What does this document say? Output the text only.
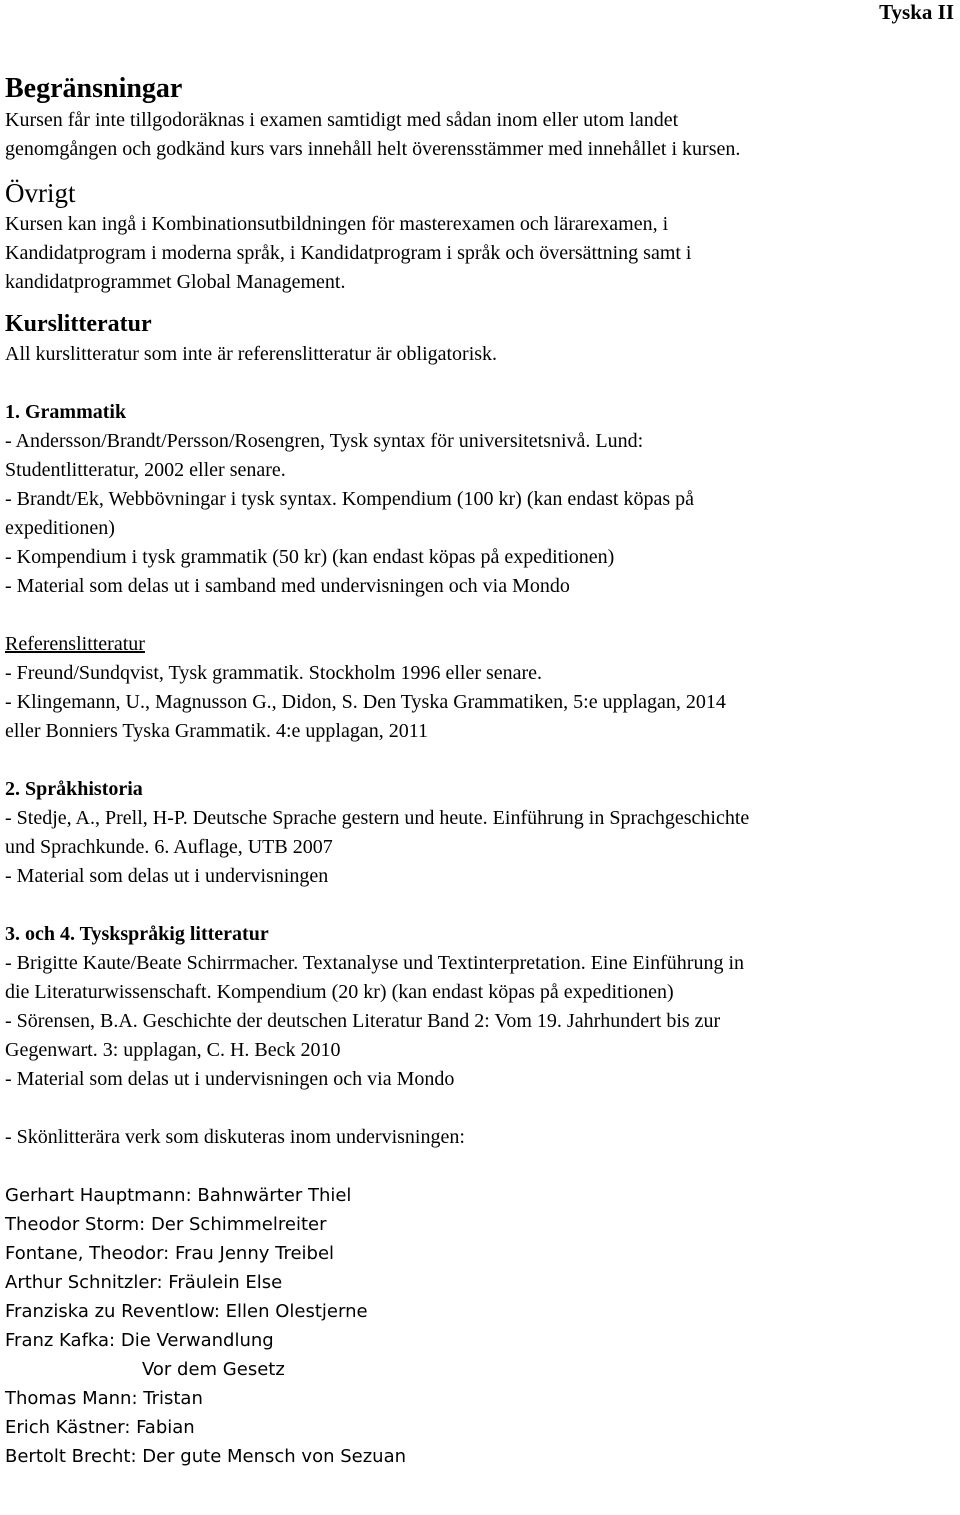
Tyska II

Begränsningar

Kursen får inte tillgodoräknas i examen samtidigt med sådan inom eller utom landet

genomgången och godkänd kurs vars innehåll helt överensstämmer med innehållet i kursen.

Övrigt

Kursen kan ingå i Kombinationsutbildningen för masterexamen och lärarexamen, i

Kandidatprogram i moderna språk, i Kandidatprogram i språk och översättning samt i

kandidatprogrammet Global Management.

Kurslitteratur

All kurslitteratur som inte är referenslitteratur är obligatorisk.

1. Grammatik

- Andersson/Brandt/Persson/Rosengren, Tysk syntax för universitetsnivå. Lund:

Studentlitteratur, 2002 eller senare.

- Brandt/Ek, Webbövningar i tysk syntax. Kompendium (100 kr) (kan endast köpas på

expeditionen)

- Kompendium i tysk grammatik (50 kr) (kan endast köpas på expeditionen)

- Material som delas ut i samband med undervisningen och via Mondo

Referenslitteratur

- Freund/Sundqvist, Tysk grammatik. Stockholm 1996 eller senare.

- Klingemann, U., Magnusson G., Didon, S. Den Tyska Grammatiken, 5:e upplagan, 2014

eller Bonniers Tyska Grammatik. 4:e upplagan, 2011

2. Språkhistoria

- Stedje, A., Prell, H-P. Deutsche Sprache gestern und heute. Einführung in Sprachgeschichte

und Sprachkunde. 6. Auflage, UTB 2007

- Material som delas ut i undervisningen

3. och 4. Tyskspråkig litteratur

- Brigitte Kaute/Beate Schirrmacher. Textanalyse und Textinterpretation. Eine Einführung in

die Literaturwissenschaft. Kompendium (20 kr) (kan endast köpas på expeditionen)

- Sörensen, B.A. Geschichte der deutschen Literatur Band 2: Vom 19. Jahrhundert bis zur

Gegenwart. 3: upplagan, C. H. Beck 2010

- Material som delas ut i undervisningen och via Mondo

- Skönlitterära verk som diskuteras inom undervisningen:

Gerhart Hauptmann: Bahnwärter Thiel

Theodor Storm: Der Schimmelreiter

Fontane, Theodor: Frau Jenny Treibel

Arthur Schnitzler: Fräulein Else

Franziska zu Reventlow: Ellen Olestjerne

Franz Kafka: Die Verwandlung

Vor dem Gesetz

Thomas Mann: Tristan

Erich Kästner: Fabian

Bertolt Brecht: Der gute Mensch von Sezuan
